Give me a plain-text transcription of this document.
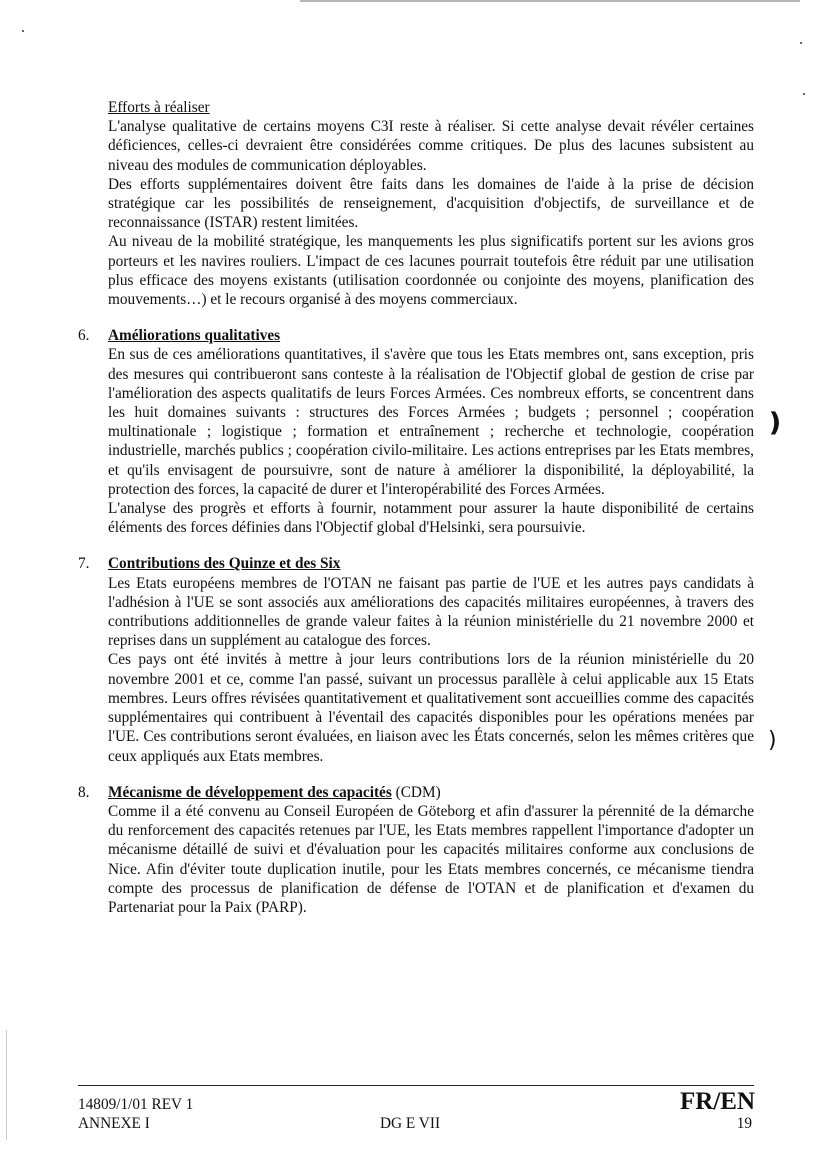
❫
)

Efforts à réaliser

L'analyse qualitative de certains moyens C3I reste à réaliser. Si cette analyse devait révéler certaines déficiences, celles-ci devraient être considérées comme critiques. De plus des lacunes subsistent au niveau des modules de communication déployables.

Des efforts supplémentaires doivent être faits dans les domaines de l'aide à la prise de décision stratégique car les possibilités de renseignement, d'acquisition d'objectifs, de surveillance et de reconnaissance (ISTAR) restent limitées.

Au niveau de la mobilité stratégique, les manquements les plus significatifs portent sur les avions gros porteurs et les navires rouliers. L'impact de ces lacunes pourrait toutefois être réduit par une utilisation plus efficace des moyens existants (utilisation coordonnée ou conjointe des moyens, planification des mouvements…) et le recours organisé à des moyens commerciaux.

6. Améliorations qualitatives

En sus de ces améliorations quantitatives, il s'avère que tous les Etats membres ont, sans exception, pris des mesures qui contribueront sans conteste à la réalisation de l'Objectif global de gestion de crise par l'amélioration des aspects qualitatifs de leurs Forces Armées. Ces nombreux efforts, se concentrent dans les huit domaines suivants : structures des Forces Armées ; budgets ; personnel ; coopération multinationale ; logistique ; formation et entraînement ; recherche et technologie, coopération industrielle, marchés publics ; coopération civilo-militaire. Les actions entreprises par les Etats membres, et qu'ils envisagent de poursuivre, sont de nature à améliorer la disponibilité, la déployabilité, la protection des forces, la capacité de durer et l'interopérabilité des Forces Armées.

L'analyse des progrès et efforts à fournir, notamment pour assurer la haute disponibilité de certains éléments des forces définies dans l'Objectif global d'Helsinki, sera poursuivie.

7. Contributions des Quinze et des Six

Les Etats européens membres de l'OTAN ne faisant pas partie de l'UE et les autres pays candidats à l'adhésion à l'UE se sont associés aux améliorations des capacités militaires européennes, à travers des contributions additionnelles de grande valeur faites à la réunion ministérielle du 21 novembre 2000 et reprises dans un supplément au catalogue des forces.

Ces pays ont été invités à mettre à jour leurs contributions lors de la réunion ministérielle du 20 novembre 2001 et ce, comme l'an passé, suivant un processus parallèle à celui applicable aux 15 Etats membres. Leurs offres révisées quantitativement et qualitativement sont accueillies comme des capacités supplémentaires qui contribuent à l'éventail des capacités disponibles pour les opérations menées par l'UE. Ces contributions seront évaluées, en liaison avec les États concernés, selon les mêmes critères que ceux appliqués aux Etats membres.

8. Mécanisme de développement des capacités (CDM)

Comme il a été convenu au Conseil Européen de Göteborg et afin d'assurer la pérennité de la démarche du renforcement des capacités retenues par l'UE, les Etats membres rappellent l'importance d'adopter un mécanisme détaillé de suivi et d'évaluation pour les capacités militaires conforme aux conclusions de Nice. Afin d'éviter toute duplication inutile, pour les Etats membres concernés, ce mécanisme tiendra compte des processus de planification de défense de l'OTAN et de planification et d'examen du Partenariat pour la Paix (PARP).

14809/1/01 REV 1
ANNEXE I	DG E VII
FR/EN
19
